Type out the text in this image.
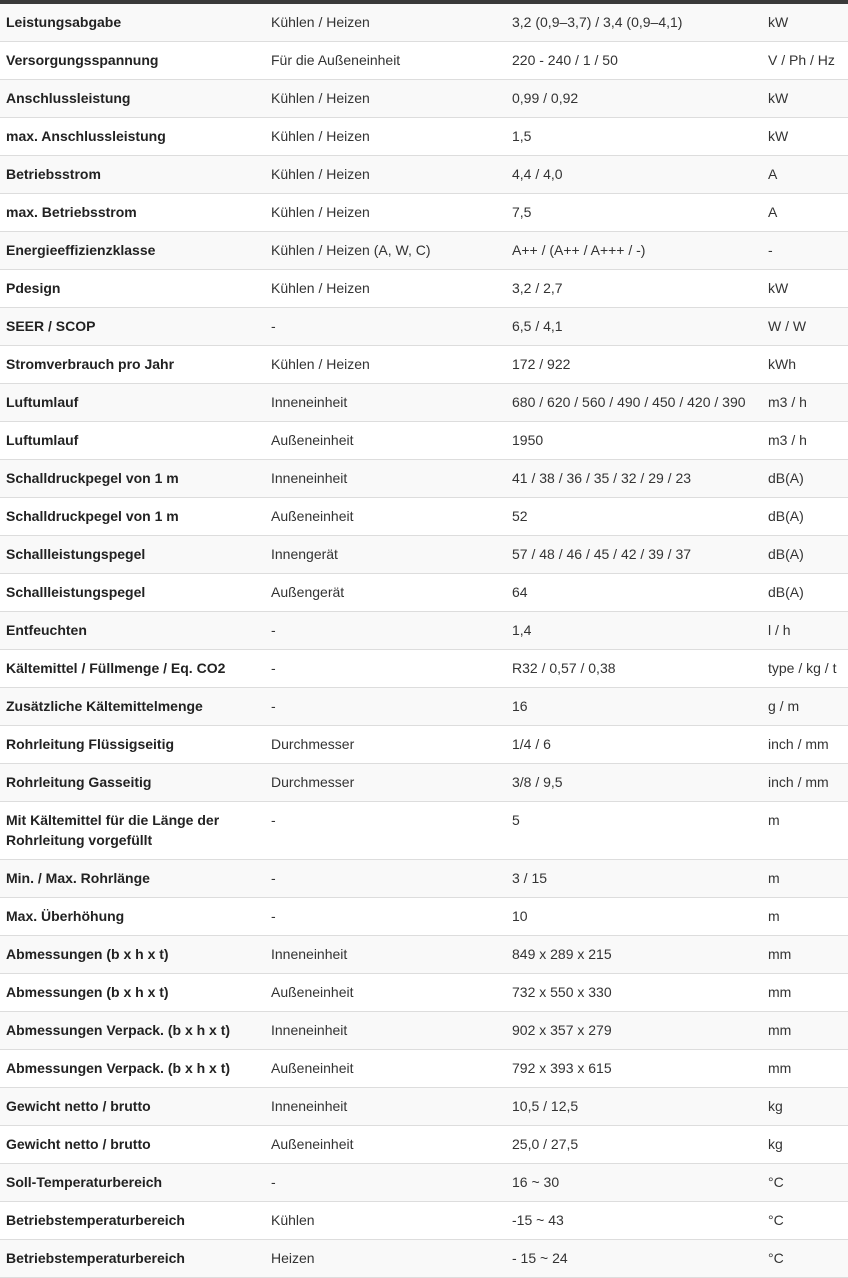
Leistungsabgabe	Kühlen / Heizen	3,2 (0,9–3,7) / 3,4 (0,9–4,1)	kW
Versorgungsspannung	Für die Außeneinheit	220 - 240 / 1 / 50	V / Ph / Hz
Anschlussleistung	Kühlen / Heizen	0,99 / 0,92	kW
max. Anschlussleistung	Kühlen / Heizen	1,5	kW
Betriebsstrom	Kühlen / Heizen	4,4 / 4,0	A
max. Betriebsstrom	Kühlen / Heizen	7,5	A
Energieeffizienzklasse	Kühlen / Heizen (A, W, C)	A++ / (A++ / A+++ / -)	-
Pdesign	Kühlen / Heizen	3,2 / 2,7	kW
SEER / SCOP	-	6,5 / 4,1	W / W
Stromverbrauch pro Jahr	Kühlen / Heizen	172 / 922	kWh
Luftumlauf	Inneneinheit	680 / 620 / 560 / 490 / 450 / 420 / 390	m3 / h
Luftumlauf	Außeneinheit	1950	m3 / h
Schalldruckpegel von 1 m	Inneneinheit	41 / 38 / 36 / 35 / 32 / 29 / 23	dB(A)
Schalldruckpegel von 1 m	Außeneinheit	52	dB(A)
Schallleistungspegel	Innengerät	57 / 48 / 46 / 45 / 42 / 39 / 37	dB(A)
Schallleistungspegel	Außengerät	64	dB(A)
Entfeuchten	-	1,4	l / h
Kältemittel / Füllmenge / Eq. CO2	-	R32 / 0,57 / 0,38	type / kg / t
Zusätzliche Kältemittelmenge	-	16	g / m
Rohrleitung Flüssigseitig	Durchmesser	1/4 / 6	inch / mm
Rohrleitung Gasseitig	Durchmesser	3/8 / 9,5	inch / mm
Mit Kältemittel für die Länge der Rohrleitung vorgefüllt	-	5	m
Min. / Max. Rohrlänge	-	3 / 15	m
Max. Überhöhung	-	10	m
Abmessungen (b x h x t)	Inneneinheit	849 x 289 x 215	mm
Abmessungen (b x h x t)	Außeneinheit	732 x 550 x 330	mm
Abmessungen Verpack. (b x h x t)	Inneneinheit	902 x 357 x 279	mm
Abmessungen Verpack. (b x h x t)	Außeneinheit	792 x 393 x 615	mm
Gewicht netto / brutto	Inneneinheit	10,5 / 12,5	kg
Gewicht netto / brutto	Außeneinheit	25,0 / 27,5	kg
Soll-Temperaturbereich	-	16 ~ 30	°C
Betriebstemperaturbereich	Kühlen	-15 ~ 43	°C
Betriebstemperaturbereich	Heizen	- 15 ~ 24	°C
